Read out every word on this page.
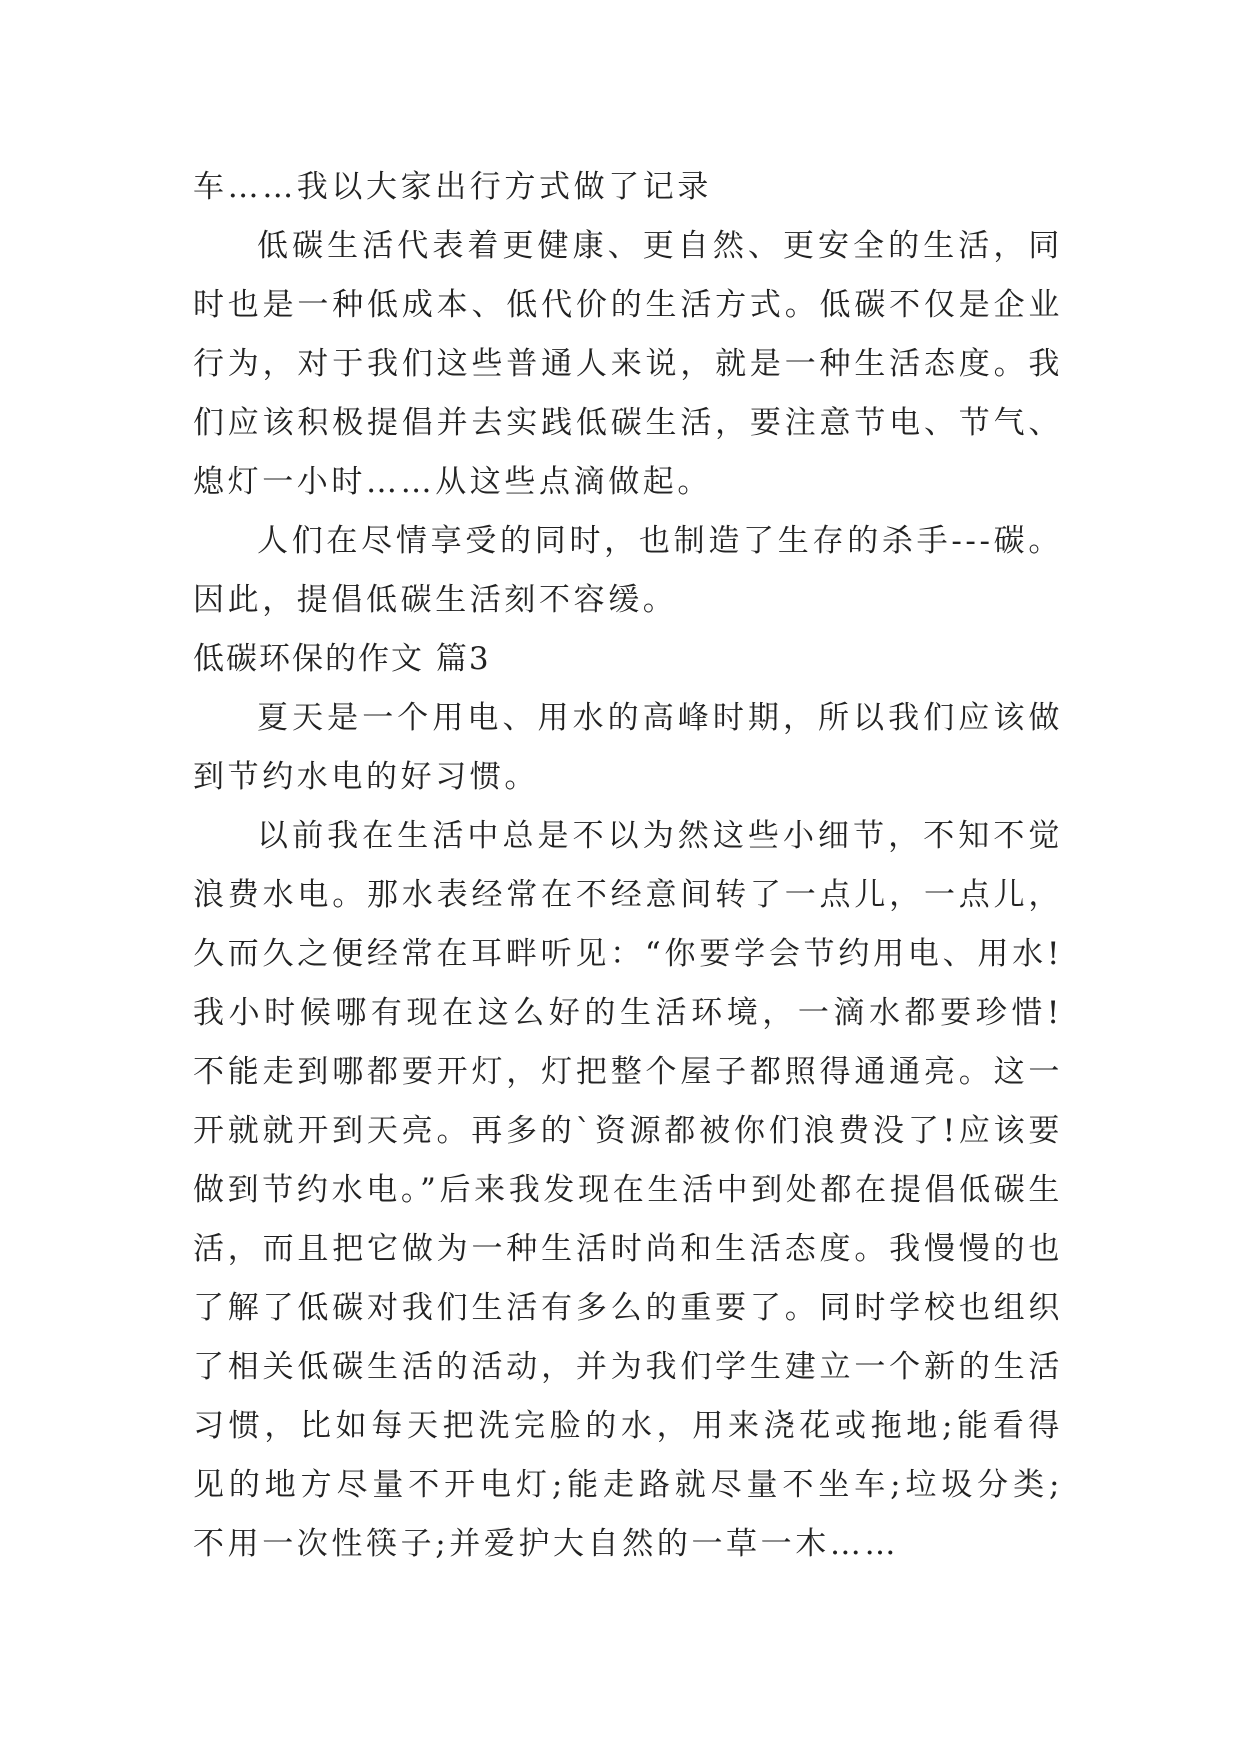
车……我以大家出行方式做了记录

低碳生活代表着更健康、更自然、更安全的生活，同时也是一种低成本、低代价的生活方式。低碳不仅是企业行为，对于我们这些普通人来说，就是一种生活态度。我们应该积极提倡并去实践低碳生活，要注意节电、节气、熄灯一小时……从这些点滴做起。

人们在尽情享受的同时，也制造了生存的杀手---碳。因此，提倡低碳生活刻不容缓。

低碳环保的作文 篇3

夏天是一个用电、用水的高峰时期，所以我们应该做到节约水电的好习惯。

以前我在生活中总是不以为然这些小细节，不知不觉浪费水电。那水表经常在不经意间转了一点儿，一点儿，久而久之便经常在耳畔听见：“你要学会节约用电、用水!我小时候哪有现在这么好的生活环境，一滴水都要珍惜!不能走到哪都要开灯，灯把整个屋子都照得通通亮。这一开就就开到天亮。再多的`资源都被你们浪费没了!应该要做到节约水电。”后来我发现在生活中到处都在提倡低碳生活，而且把它做为一种生活时尚和生活态度。我慢慢的也了解了低碳对我们生活有多么的重要了。同时学校也组织了相关低碳生活的活动，并为我们学生建立一个新的生活习惯，比如每天把洗完脸的水，用来浇花或拖地;能看得见的地方尽量不开电灯;能走路就尽量不坐车;垃圾分类;不用一次性筷子;并爱护大自然的一草一木……
